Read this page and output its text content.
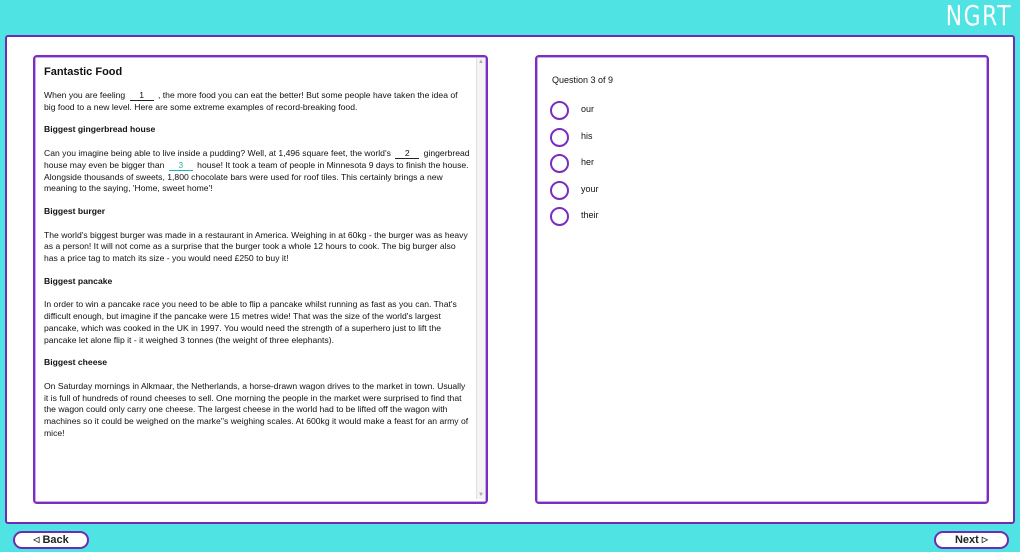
NGRT
Fantastic Food
When you are feeling 1 , the more food you can eat the better! But some people have taken the idea of big food to a new level. Here are some extreme examples of record-breaking food.
Biggest gingerbread house
Can you imagine being able to live inside a pudding? Well, at 1,496 square feet, the world's 2 gingerbread house may even be bigger than 3 house! It took a team of people in Minnesota 9 days to finish the house. Alongside thousands of sweets, 1,800 chocolate bars were used for roof tiles. This certainly brings a new meaning to the saying, 'Home, sweet home'!
Biggest burger
The world's biggest burger was made in a restaurant in America. Weighing in at 60kg - the burger was as heavy as a person! It will not come as a surprise that the burger took a whole 12 hours to cook. The big burger also has a price tag to match its size - you would need £250 to buy it!
Biggest pancake
In order to win a pancake race you need to be able to flip a pancake whilst running as fast as you can. That's difficult enough, but imagine if the pancake were 15 metres wide! That was the size of the world's largest pancake, which was cooked in the UK in 1997. You would need the strength of a superhero just to lift the pancake let alone flip it - it weighed 3 tonnes (the weight of three elephants).
Biggest cheese
On Saturday mornings in Alkmaar, the Netherlands, a horse-drawn wagon drives to the market in town. Usually it is full of hundreds of round cheeses to sell. One morning the people in the market were surprised to find that the wagon could only carry one cheese. The largest cheese in the world had to be lifted off the wagon with machines so it could be weighed on the marke''s weighing scales. At 600kg it would make a feast for an army of mice!
▲
▼
Question 3 of 9
our
his
her
your
their
◁ Back	Next ▷
